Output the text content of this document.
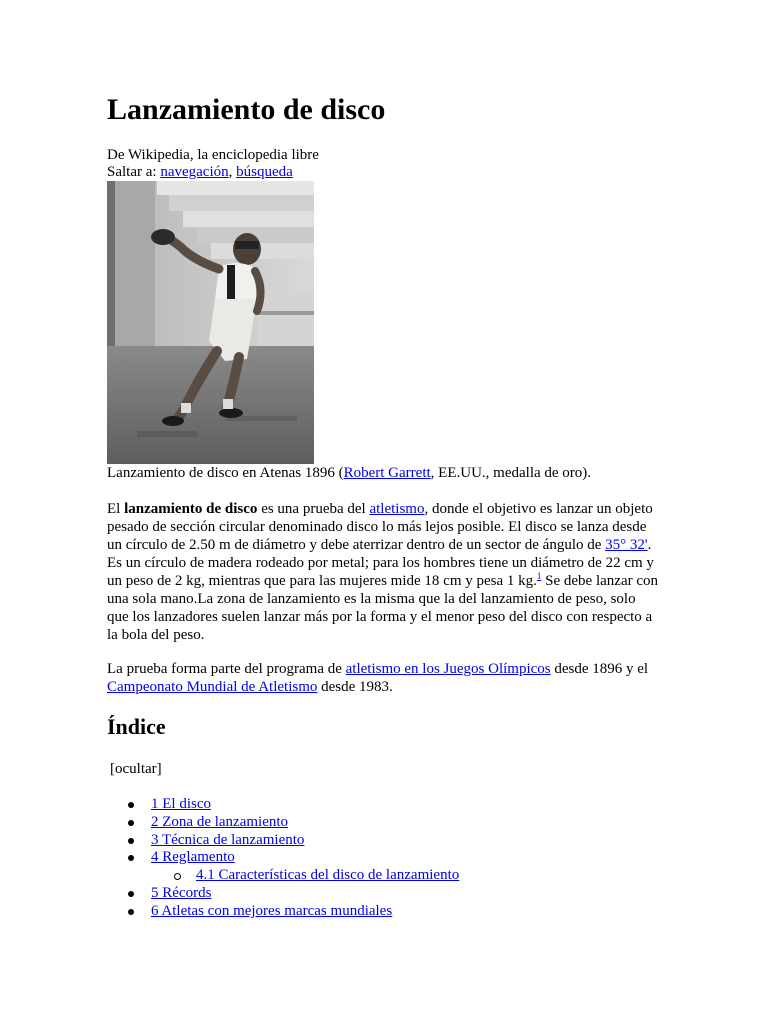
Lanzamiento de disco
De Wikipedia, la enciclopedia libre
Saltar a: navegación, búsqueda
Lanzamiento de disco en Atenas 1896 (Robert Garrett, EE.UU., medalla de oro).
El lanzamiento de disco es una prueba del atletismo, donde el objetivo es lanzar un objeto
pesado de sección circular denominado disco lo más lejos posible. El disco se lanza desde
un círculo de 2.50 m de diámetro y debe aterrizar dentro de un sector de ángulo de 35° 32'.
Es un círculo de madera rodeado por metal; para los hombres tiene un diámetro de 22 cm y
un peso de 2 kg, mientras que para las mujeres mide 18 cm y pesa 1 kg.$^1$ Se debe lanzar con
una sola mano.La zona de lanzamiento es la misma que la del lanzamiento de peso, solo
que los lanzadores suelen lanzar más por la forma y el menor peso del disco con respecto a
la bola del peso.
La prueba forma parte del programa de atletismo en los Juegos Olímpicos desde 1896 y el
Campeonato Mundial de Atletismo desde 1983.
Índice
[ocultar]
1 El disco
2 Zona de lanzamiento
3 Técnica de lanzamiento
4 Reglamento
4.1 Características del disco de lanzamiento
5 Récords
6 Atletas con mejores marcas mundiales
